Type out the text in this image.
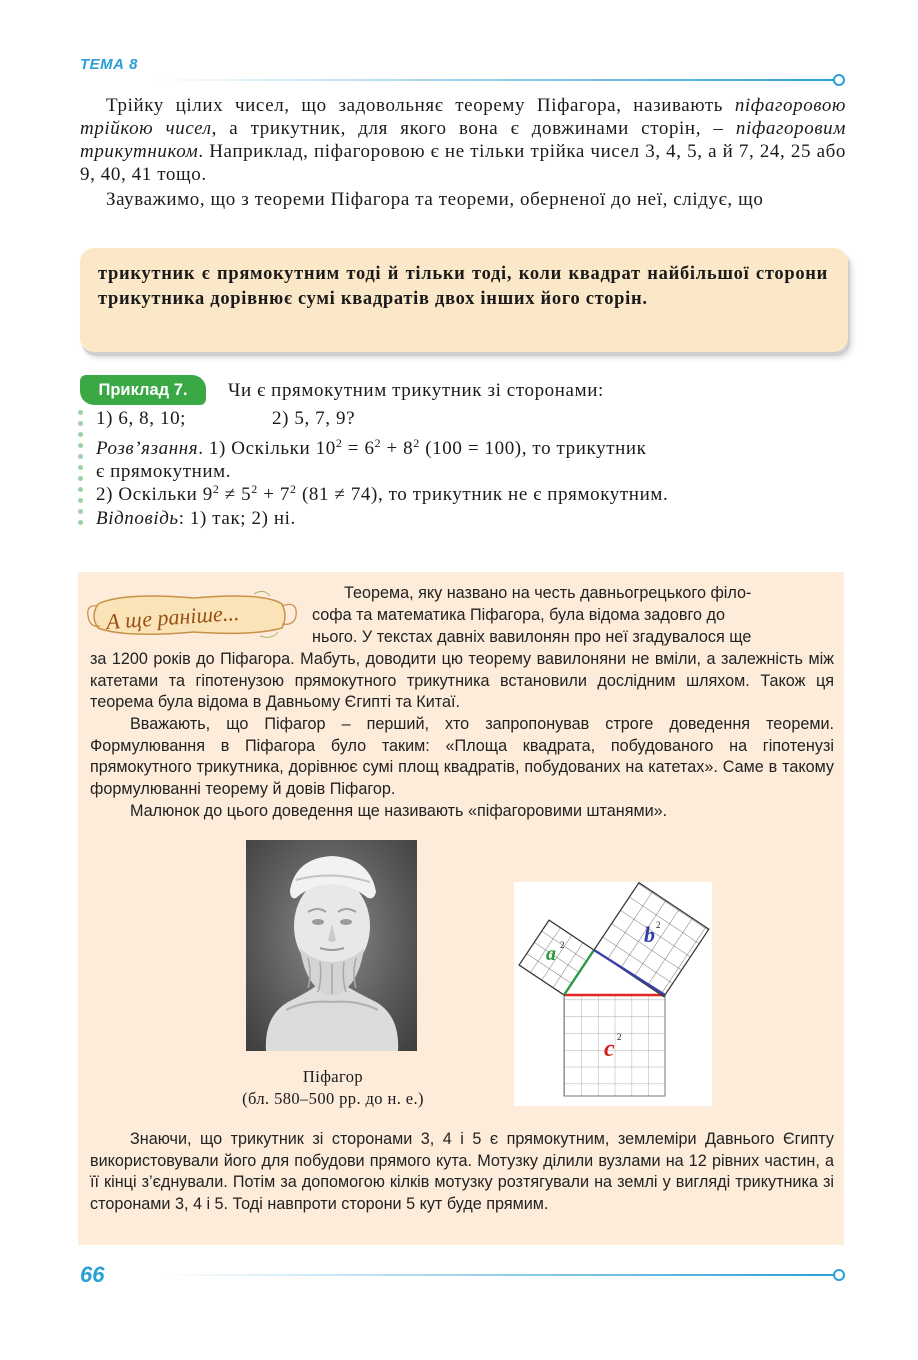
ТЕМА 8
Трійку цілих чисел, що задовольняє теорему Піфагора, називають піфагоровою трійкою чисел, а трикутник, для якого вона є довжинами сторін, – піфагоровим трикутником. Наприклад, піфагоровою є не тільки трійка чисел 3, 4, 5, а й 7, 24, 25 або 9, 40, 41 тощо.
Зауважимо, що з теореми Піфагора та теореми, оберненої до неї, слідує, що

трикутник є прямокутним тоді й тільки тоді, коли квадрат найбільшої сторони трикутника дорівнює сумі квадратів двох інших його сторін.

Приклад 7.	Чи є прямокутним трикутник зі сторонами:
1) 6, 8, 10;	2) 5, 7, 9?
Розв’язання. 1) Оскільки $10^2 = 6^2 + 8^2$ (100 = 100), то трикутник
є прямокутним.
2) Оскільки $9^2 \ne 5^2 + 7^2$ (81 ≠ 74), то трикутник не є прямокутним.
Відповідь: 1) так; 2) ні.
А ще раніше...
Теорема, яку названо на честь давньогрецького філо-
софа та математика Піфагора, була відома задовго до
нього. У текстах давніх вавилонян про неї згадувалося ще
за 1200 років до Піфагора. Мабуть, доводити цю теорему вавилоняни не вміли, а залежність між катетами та гіпотенузою прямокутного трикутника встановили дослідним шляхом. Також ця теорема була відома в Давньому Єгипті та Китаї.
Вважають, що Піфагор – перший, хто запропонував строге доведення теореми. Формулювання в Піфагора було таким: «Площа квадрата, побудованого на гіпотенузі прямокутного трикутника, дорівнює сумі площ квадратів, побудованих на катетах». Саме в такому формулюванні теорему й довів Піфагор.
Малюнок до цього доведення ще називають «піфагоровими штанями».
Піфагор
(бл. 580–500 рр. до н. е.)
a 2	b 2
c 2
Знаючи, що трикутник зі сторонами 3, 4 і 5 є прямокутним, землеміри Давнього Єгипту використовували його для побудови прямого кута. Мотузку ділили вузлами на 12 рівних частин, а її кінці з’єднували. Потім за допомогою кілків мотузку розтягували на землі у вигляді трикутника зі сторонами 3, 4 і 5. Тоді навпроти сторони 5 кут буде прямим.
66
